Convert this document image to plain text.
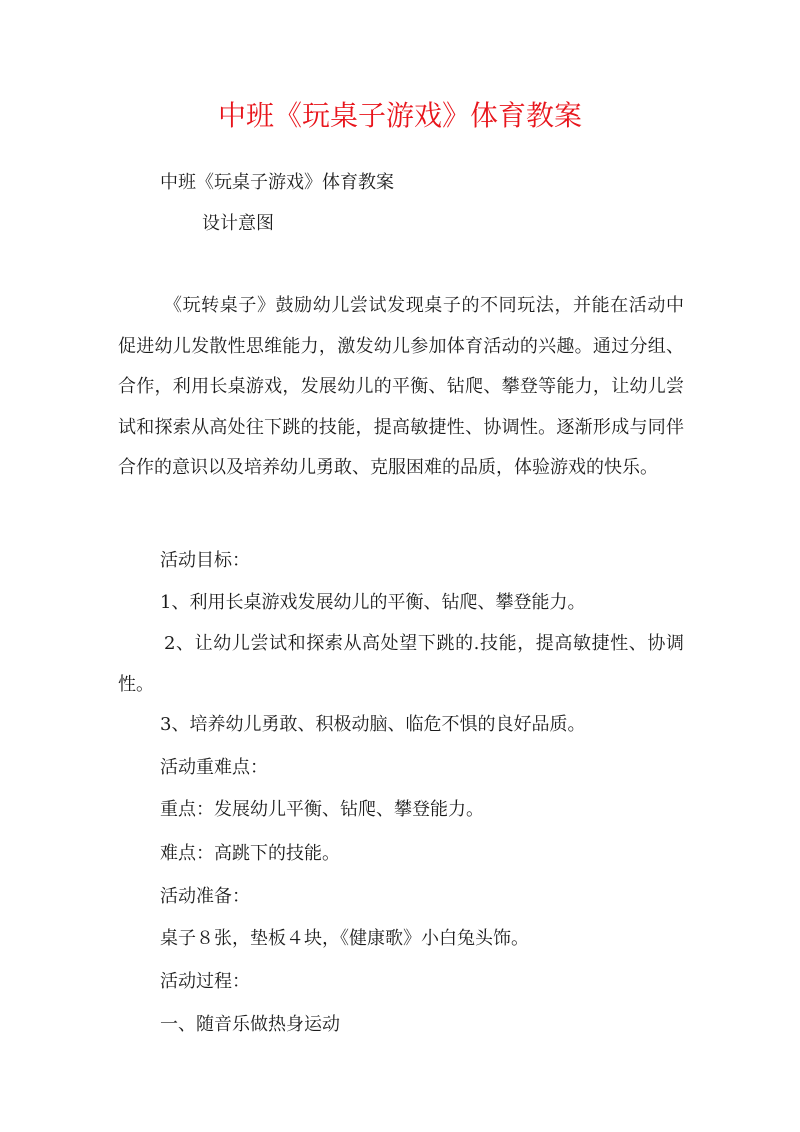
中班《玩桌子游戏》体育教案

中班《玩桌子游戏》体育教案

设计意图

《玩转桌子》鼓励幼儿尝试发现桌子的不同玩法，并能在活动中促进幼儿发散性思维能力，激发幼儿参加体育活动的兴趣。通过分组、合作，利用长桌游戏，发展幼儿的平衡、钻爬、攀登等能力，让幼儿尝试和探索从高处往下跳的技能，提高敏捷性、协调性。逐渐形成与同伴合作的意识以及培养幼儿勇敢、克服困难的品质，体验游戏的快乐。

活动目标：

1、利用长桌游戏发展幼儿的平衡、钻爬、攀登能力。

2、让幼儿尝试和探索从高处望下跳的.技能，提高敏捷性、协调性。

3、培养幼儿勇敢、积极动脑、临危不惧的良好品质。

活动重难点：

重点：发展幼儿平衡、钻爬、攀登能力。

难点：高跳下的技能。

活动准备：

桌子８张，垫板４块，《健康歌》小白兔头饰。

活动过程：

一、随音乐做热身运动
